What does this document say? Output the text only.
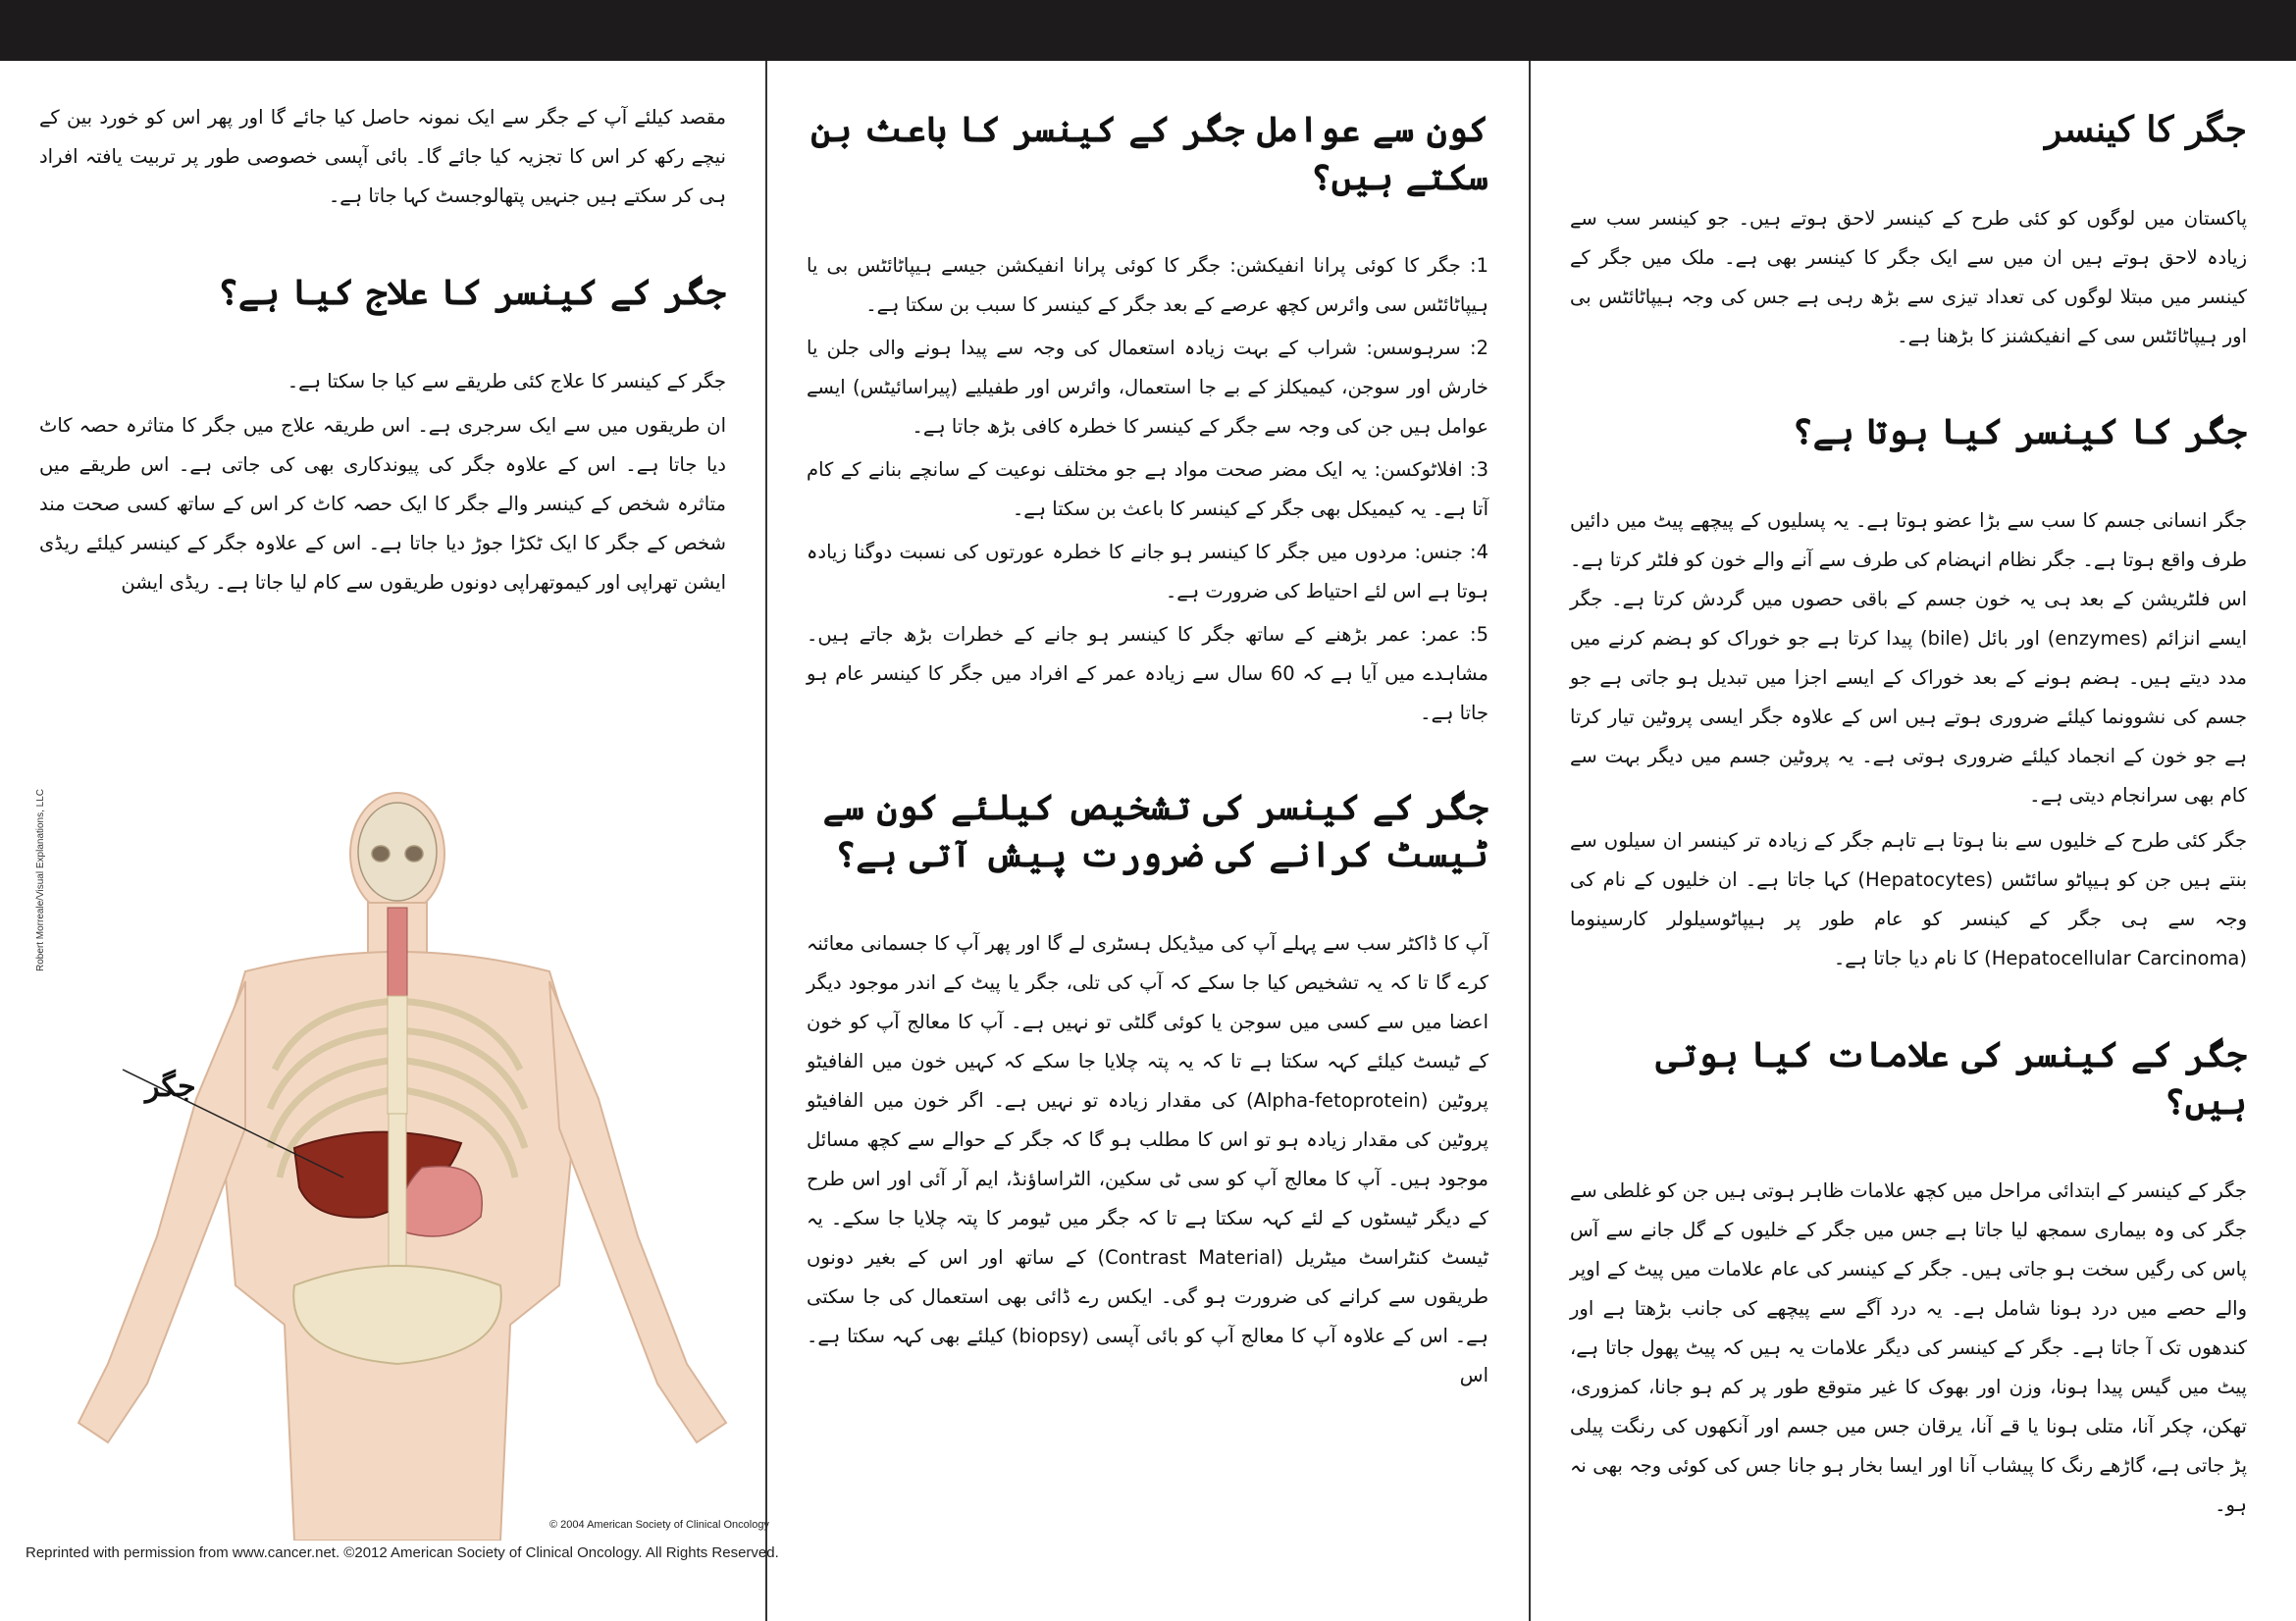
جگر کا کینسر

پاکستان میں لوگوں کو کئی طرح کے کینسر لاحق ہوتے ہیں۔ جو کینسر سب سے زیادہ لاحق ہوتے ہیں ان میں سے ایک جگر کا کینسر بھی ہے۔ ملک میں جگر کے کینسر میں مبتلا لوگوں کی تعداد تیزی سے بڑھ رہی ہے جس کی وجہ ہیپاٹائٹس بی اور ہیپاٹائٹس سی کے انفیکشنز کا بڑھنا ہے۔

جگر کا کینسر کیا ہوتا ہے؟

جگر انسانی جسم کا سب سے بڑا عضو ہوتا ہے۔ یہ پسلیوں کے پیچھے پیٹ میں دائیں طرف واقع ہوتا ہے۔ جگر نظام انہضام کی طرف سے آنے والے خون کو فلٹر کرتا ہے۔ اس فلٹریشن کے بعد ہی یہ خون جسم کے باقی حصوں میں گردش کرتا ہے۔ جگر ایسے انزائم (enzymes) اور بائل (bile) پیدا کرتا ہے جو خوراک کو ہضم کرنے میں مدد دیتے ہیں۔ ہضم ہونے کے بعد خوراک کے ایسے اجزا میں تبدیل ہو جاتی ہے جو جسم کی نشوونما کیلئے ضروری ہوتے ہیں اس کے علاوہ جگر ایسی پروٹین تیار کرتا ہے جو خون کے انجماد کیلئے ضروری ہوتی ہے۔ یہ پروٹین جسم میں دیگر بہت سے کام بھی سرانجام دیتی ہے۔

جگر کئی طرح کے خلیوں سے بنا ہوتا ہے تاہم جگر کے زیادہ تر کینسر ان سیلوں سے بنتے ہیں جن کو ہیپاٹو سائٹس (Hepatocytes) کہا جاتا ہے۔ ان خلیوں کے نام کی وجہ سے ہی جگر کے کینسر کو عام طور پر ہیپاٹوسیلولر کارسینوما (Hepatocellular Carcinoma) کا نام دیا جاتا ہے۔

جگر کے کینسر کی علامات کیا ہوتی ہیں؟

جگر کے کینسر کے ابتدائی مراحل میں کچھ علامات ظاہر ہوتی ہیں جن کو غلطی سے جگر کی وہ بیماری سمجھ لیا جاتا ہے جس میں جگر کے خلیوں کے گل جانے سے آس پاس کی رگیں سخت ہو جاتی ہیں۔ جگر کے کینسر کی عام علامات میں پیٹ کے اوپر والے حصے میں درد ہونا شامل ہے۔ یہ درد آگے سے پیچھے کی جانب بڑھتا ہے اور کندھوں تک آ جاتا ہے۔ جگر کے کینسر کی دیگر علامات یہ ہیں کہ پیٹ پھول جاتا ہے، پیٹ میں گیس پیدا ہونا، وزن اور بھوک کا غیر متوقع طور پر کم ہو جانا، کمزوری، تھکن، چکر آنا، متلی ہونا یا قے آنا، یرقان جس میں جسم اور آنکھوں کی رنگت پیلی پڑ جاتی ہے، گاڑھے رنگ کا پیشاب آنا اور ایسا بخار ہو جانا جس کی کوئی وجہ بھی نہ ہو۔

کون سے عوامل جگر کے کینسر کا باعث بن سکتے ہیں؟

1: جگر کا کوئی پرانا انفیکشن: جگر کا کوئی پرانا انفیکشن جیسے ہیپاٹائٹس بی یا ہیپاٹائٹس سی وائرس کچھ عرصے کے بعد جگر کے کینسر کا سبب بن سکتا ہے۔

2: سرہوسس: شراب کے بہت زیادہ استعمال کی وجہ سے پیدا ہونے والی جلن یا خارش اور سوجن، کیمیکلز کے بے جا استعمال، وائرس اور طفیلیے (پیراسائیٹس) ایسے عوامل ہیں جن کی وجہ سے جگر کے کینسر کا خطرہ کافی بڑھ جاتا ہے۔

3: افلاٹوکسن: یہ ایک مضر صحت مواد ہے جو مختلف نوعیت کے سانچے بنانے کے کام آتا ہے۔ یہ کیمیکل بھی جگر کے کینسر کا باعث بن سکتا ہے۔

4: جنس: مردوں میں جگر کا کینسر ہو جانے کا خطرہ عورتوں کی نسبت دوگنا زیادہ ہوتا ہے اس لئے احتیاط کی ضرورت ہے۔

5: عمر: عمر بڑھنے کے ساتھ جگر کا کینسر ہو جانے کے خطرات بڑھ جاتے ہیں۔ مشاہدے میں آیا ہے کہ 60 سال سے زیادہ عمر کے افراد میں جگر کا کینسر عام ہو جاتا ہے۔

جگر کے کینسر کی تشخیص کیلئے کون سے ٹیسٹ کرانے کی ضرورت پیش آتی ہے؟

آپ کا ڈاکٹر سب سے پہلے آپ کی میڈیکل ہسٹری لے گا اور پھر آپ کا جسمانی معائنہ کرے گا تا کہ یہ تشخیص کیا جا سکے کہ آپ کی تلی، جگر یا پیٹ کے اندر موجود دیگر اعضا میں سے کسی میں سوجن یا کوئی گلٹی تو نہیں ہے۔ آپ کا معالج آپ کو خون کے ٹیسٹ کیلئے کہہ سکتا ہے تا کہ یہ پتہ چلایا جا سکے کہ کہیں خون میں الفافیٹو پروٹین (Alpha-fetoprotein) کی مقدار زیادہ تو نہیں ہے۔ اگر خون میں الفافیٹو پروٹین کی مقدار زیادہ ہو تو اس کا مطلب ہو گا کہ جگر کے حوالے سے کچھ مسائل موجود ہیں۔ آپ کا معالج آپ کو سی ٹی سکین، الٹراساؤنڈ، ایم آر آئی اور اس طرح کے دیگر ٹیسٹوں کے لئے کہہ سکتا ہے تا کہ جگر میں ٹیومر کا پتہ چلایا جا سکے۔ یہ ٹیسٹ کنٹراسٹ میٹریل (Contrast Material) کے ساتھ اور اس کے بغیر دونوں طریقوں سے کرانے کی ضرورت ہو گی۔ ایکس رے ڈائی بھی استعمال کی جا سکتی ہے۔ اس کے علاوہ آپ کا معالج آپ کو بائی آپسی (biopsy) کیلئے بھی کہہ سکتا ہے۔ اس

مقصد کیلئے آپ کے جگر سے ایک نمونہ حاصل کیا جائے گا اور پھر اس کو خورد بین کے نیچے رکھ کر اس کا تجزیہ کیا جائے گا۔ بائی آپسی خصوصی طور پر تربیت یافتہ افراد ہی کر سکتے ہیں جنہیں پتھالوجسٹ کہا جاتا ہے۔

جگر کے کینسر کا علاج کیا ہے؟

جگر کے کینسر کا علاج کئی طریقے سے کیا جا سکتا ہے۔

ان طریقوں میں سے ایک سرجری ہے۔ اس طریقہ علاج میں جگر کا متاثرہ حصہ کاٹ دیا جاتا ہے۔ اس کے علاوہ جگر کی پیوندکاری بھی کی جاتی ہے۔ اس طریقے میں متاثرہ شخص کے کینسر والے جگر کا ایک حصہ کاٹ کر اس کے ساتھ کسی صحت مند شخص کے جگر کا ایک ٹکڑا جوڑ دیا جاتا ہے۔ اس کے علاوہ جگر کے کینسر کیلئے ریڈی ایشن تھراپی اور کیموتھراپی دونوں طریقوں سے کام لیا جاتا ہے۔ ریڈی ایشن

جگر
Robert Morreale/Visual Explanations, LLC
© 2004 American Society of Clinical Oncology
Reprinted with permission from www.cancer.net. ©2012 American Society of Clinical Oncology. All Rights Reserved.
